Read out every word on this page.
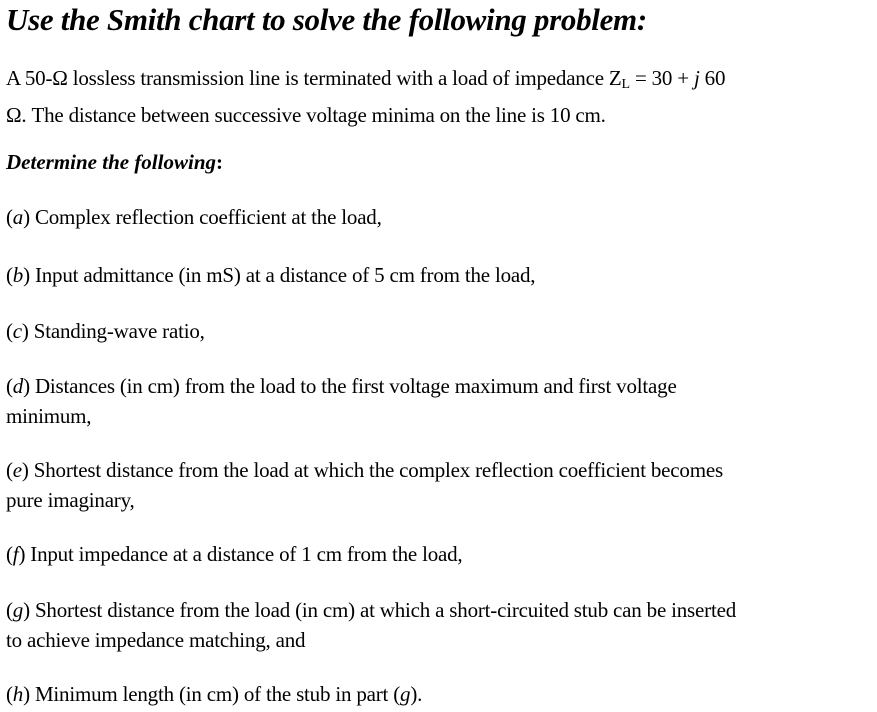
Use the Smith chart to solve the following problem:
A 50-Ω lossless transmission line is terminated with a load of impedance $Z_L = 30 + j$ 60
Ω. The distance between successive voltage minima on the line is 10 cm.
Determine the following:
(a) Complex reflection coefficient at the load,
(b) Input admittance (in mS) at a distance of 5 cm from the load,
(c) Standing-wave ratio,
(d) Distances (in cm) from the load to the first voltage maximum and first voltage
minimum,
(e) Shortest distance from the load at which the complex reflection coefficient becomes
pure imaginary,
(f) Input impedance at a distance of 1 cm from the load,
(g) Shortest distance from the load (in cm) at which a short-circuited stub can be inserted
to achieve impedance matching, and
(h) Minimum length (in cm) of the stub in part (g).
